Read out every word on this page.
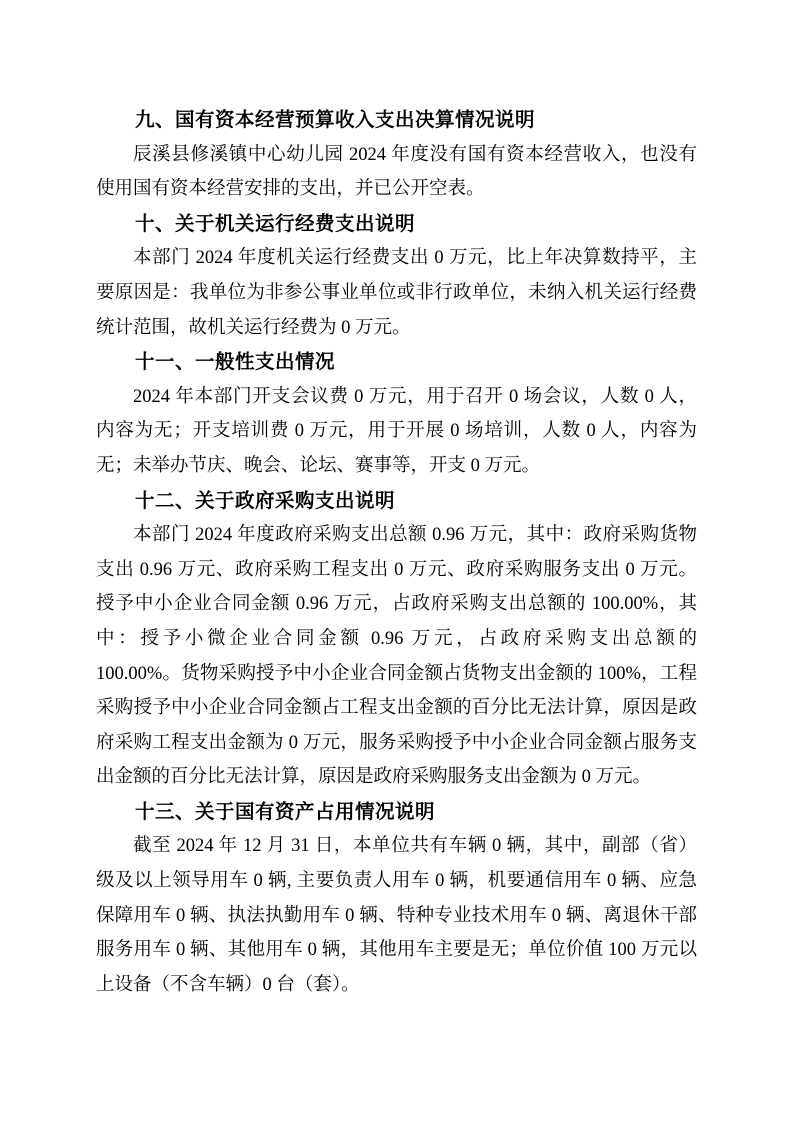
九、国有资本经营预算收入支出决算情况说明
辰溪县修溪镇中心幼儿园 2024 年度没有国有资本经营收入，也没有
使用国有资本经营安排的支出，并已公开空表。
十、关于机关运行经费支出说明
本部门 2024 年度机关运行经费支出 0 万元，比上年决算数持平，主
要原因是：我单位为非参公事业单位或非行政单位，未纳入机关运行经费
统计范围，故机关运行经费为 0 万元。
十一、一般性支出情况
2024 年本部门开支会议费 0 万元，用于召开 0 场会议，人数 0 人，
内容为无；开支培训费 0 万元，用于开展 0 场培训，人数 0 人，内容为
无；未举办节庆、晚会、论坛、赛事等，开支 0 万元。
十二、关于政府采购支出说明
本部门 2024 年度政府采购支出总额 0.96 万元，其中：政府采购货物
支出 0.96 万元、政府采购工程支出 0 万元、政府采购服务支出 0 万元。
授予中小企业合同金额 0.96 万元，占政府采购支出总额的 100.00%，其
中：授予小微企业合同金额 0.96 万元，占政府采购支出总额的
100.00%。货物采购授予中小企业合同金额占货物支出金额的 100%，工程
采购授予中小企业合同金额占工程支出金额的百分比无法计算，原因是政
府采购工程支出金额为 0 万元，服务采购授予中小企业合同金额占服务支
出金额的百分比无法计算，原因是政府采购服务支出金额为 0 万元。
十三、关于国有资产占用情况说明
截至 2024 年 12 月 31 日，本单位共有车辆 0 辆，其中，副部（省）
级及以上领导用车 0 辆, 主要负责人用车 0 辆，机要通信用车 0 辆、应急
保障用车 0 辆、执法执勤用车 0 辆、特种专业技术用车 0 辆、离退休干部
服务用车 0 辆、其他用车 0 辆，其他用车主要是无；单位价值 100 万元以
上设备（不含车辆）0 台（套）。
